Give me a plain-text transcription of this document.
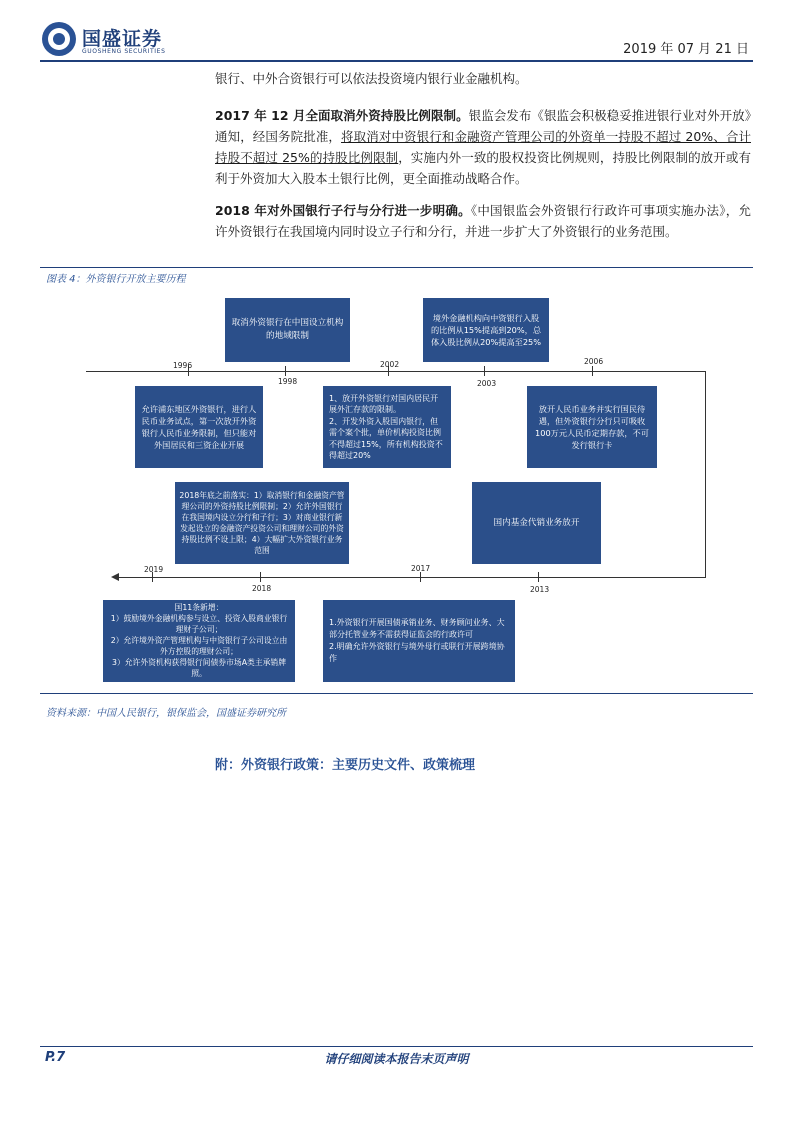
国盛证券
GUOSHENG SECURITIES	2019 年 07 月 21 日
银行、中外合资银行可以依法投资境内银行业金融机构。
2017 年 12 月全面取消外资持股比例限制。银监会发布《银监会积极稳妥推进银行业对外开放》通知，经国务院批准，将取消对中资银行和金融资产管理公司的外资单一持股不超过 20%、合计持股不超过 25%的持股比例限制，实施内外一致的股权投资比例规则，持股比例限制的放开或有利于外资加大入股本土银行比例，更全面推动战略合作。
2018 年对外国银行子行与分行进一步明确。《中国银监会外资银行行政许可事项实施办法》，允许外资银行在我国境内同时设立子行和分行，并进一步扩大了外资银行的业务范围。
图表 4：外资银行开放主要历程
1996
1998
2002
2003
2006
2019
2018
2017
2013
取消外资银行在中国设立机构的地域限制
境外金融机构向中资银行入股的比例从15%提高到20%，总体入股比例从20%提高至25%
允许浦东地区外资银行，进行人民币业务试点，第一次放开外资银行人民币业务限制，但只能对外国居民和三资企业开展
1、放开外资银行对国内居民开展外汇存款的限制。
2、开发外资入股国内银行，但需个案个批，单价机构投资比例不得超过15%，所有机构投资不得超过20%
放开人民币业务并实行国民待遇，但外资银行分行只可吸收100万元人民币定期存款，不可发行银行卡
2018年底之前落实：1）取消银行和金融资产管理公司的外资持股比例限制；2）允许外国银行在我国境内设立分行和子行；3）对商业银行新发起设立的金融资产投资公司和理财公司的外资持股比例不设上限；4）大幅扩大外资银行业务范围
国内基金代销业务放开
国11条新增：
1）鼓励境外金融机构参与设立、投资入股商业银行理财子公司；
2）允许境外资产管理机构与中资银行子公司设立由外方控股的理财公司；
3）允许外资机构获得银行间债券市场A类主承销牌照。
1.外资银行开展国债承销业务、财务顾问业务、大部分托管业务不需获得证监会的行政许可
2.明确允许外资银行与境外母行或联行开展跨境协作
资料来源：中国人民银行，银保监会，国盛证券研究所
附：外资银行政策：主要历史文件、政策梳理
P.7	请仔细阅读本报告末页声明
